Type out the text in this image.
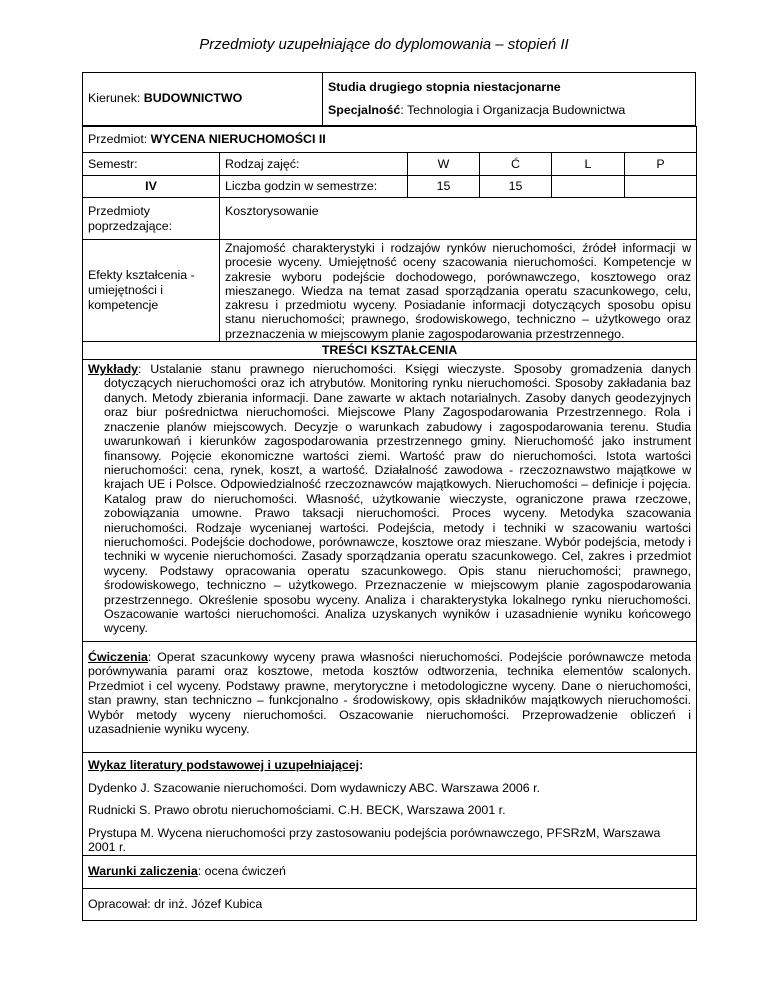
Przedmioty uzupełniające do dyplomowania – stopień II
Kierunek: BUDOWNICTWO
Studia drugiego stopnia niestacjonarne
Specjalność: Technologia i Organizacja Budownictwa
Przedmiot: WYCENA NIERUCHOMOŚCI II					
Semestr:	Rodzaj zajęć:	W	Ć	L	P
IV	Liczba godzin w semestrze:	15	15		
Przedmioty poprzedzające:	Kosztorysowanie				
Efekty kształcenia - umiejętności i kompetencje	Znajomość charakterystyki i rodzajów rynków nieruchomości, źródeł informacji w procesie wyceny. Umiejętność oceny szacowania nieruchomości. Kompetencje w zakresie wyboru podejście dochodowego, porównawczego, kosztowego oraz mieszanego. Wiedza na temat zasad sporządzania operatu szacunkowego, celu, zakresu i przedmiotu wyceny. Posiadanie informacji dotyczących sposobu opisu stanu nieruchomości; prawnego, środowiskowego, techniczno – użytkowego oraz przeznaczenia w miejscowym planie zagospodarowania przestrzennego.				
TREŚCI KSZTAŁCENIA					
Wykłady: Ustalanie stanu prawnego nieruchomości. Księgi wieczyste. Sposoby gromadzenia danych dotyczących nieruchomości oraz ich atrybutów. Monitoring rynku nieruchomości. Sposoby zakładania baz danych. Metody zbierania informacji. Dane zawarte w aktach notarialnych. Zasoby danych geodezyjnych oraz biur pośrednictwa nieruchomości. Miejscowe Plany Zagospodarowania Przestrzennego. Rola i znaczenie planów miejscowych. Decyzje o warunkach zabudowy i zagospodarowania terenu. Studia uwarunkowań i kierunków zagospodarowania przestrzennego gminy. Nieruchomość jako instrument finansowy. Pojęcie ekonomiczne wartości ziemi. Wartość praw do nieruchomości. Istota wartości nieruchomości: cena, rynek, koszt, a wartość. Działalność zawodowa - rzeczoznawstwo majątkowe w krajach UE i Polsce. Odpowiedzialność rzeczoznawców majątkowych. Nieruchomości – definicje i pojęcia. Katalog praw do nieruchomości. Własność, użytkowanie wieczyste, ograniczone prawa rzeczowe, zobowiązania umowne. Prawo taksacji nieruchomości. Proces wyceny. Metodyka szacowania nieruchomości. Rodzaje wycenianej wartości. Podejścia, metody i techniki w szacowaniu wartości nieruchomości. Podejście dochodowe, porównawcze, kosztowe oraz mieszane. Wybór podejścia, metody i techniki w wycenie nieruchomości. Zasady sporządzania operatu szacunkowego. Cel, zakres i przedmiot wyceny. Podstawy opracowania operatu szacunkowego. Opis stanu nieruchomości; prawnego, środowiskowego, techniczno – użytkowego. Przeznaczenie w miejscowym planie zagospodarowania przestrzennego. Określenie sposobu wyceny. Analiza i charakterystyka lokalnego rynku nieruchomości. Oszacowanie wartości nieruchomości. Analiza uzyskanych wyników i uzasadnienie wyniku końcowego wyceny.					
Ćwiczenia: Operat szacunkowy wyceny prawa własności nieruchomości. Podejście porównawcze metoda porównywania parami oraz kosztowe, metoda kosztów odtworzenia, technika elementów scalonych. Przedmiot i cel wyceny. Podstawy prawne, merytoryczne i metodologiczne wyceny. Dane o nieruchomości, stan prawny, stan techniczno – funkcjonalno - środowiskowy, opis składników majątkowych nieruchomości. Wybór metody wyceny nieruchomości. Oszacowanie nieruchomości. Przeprowadzenie obliczeń i uzasadnienie wyniku wyceny.					

Wykaz literatury podstawowej i uzupełniającej:

Dydenko J. Szacowanie nieruchomości. Dom wydawniczy ABC. Warszawa 2006 r.

Rudnicki S. Prawo obrotu nieruchomościami. C.H. BECK, Warszawa 2001 r.

Prystupa M. Wycena nieruchomości przy zastosowaniu podejścia porównawczego, PFSRzM, Warszawa 2001 r.					

Warunki zaliczenia: ocena ćwiczeń					
Opracował: dr inż. Józef Kubica					
